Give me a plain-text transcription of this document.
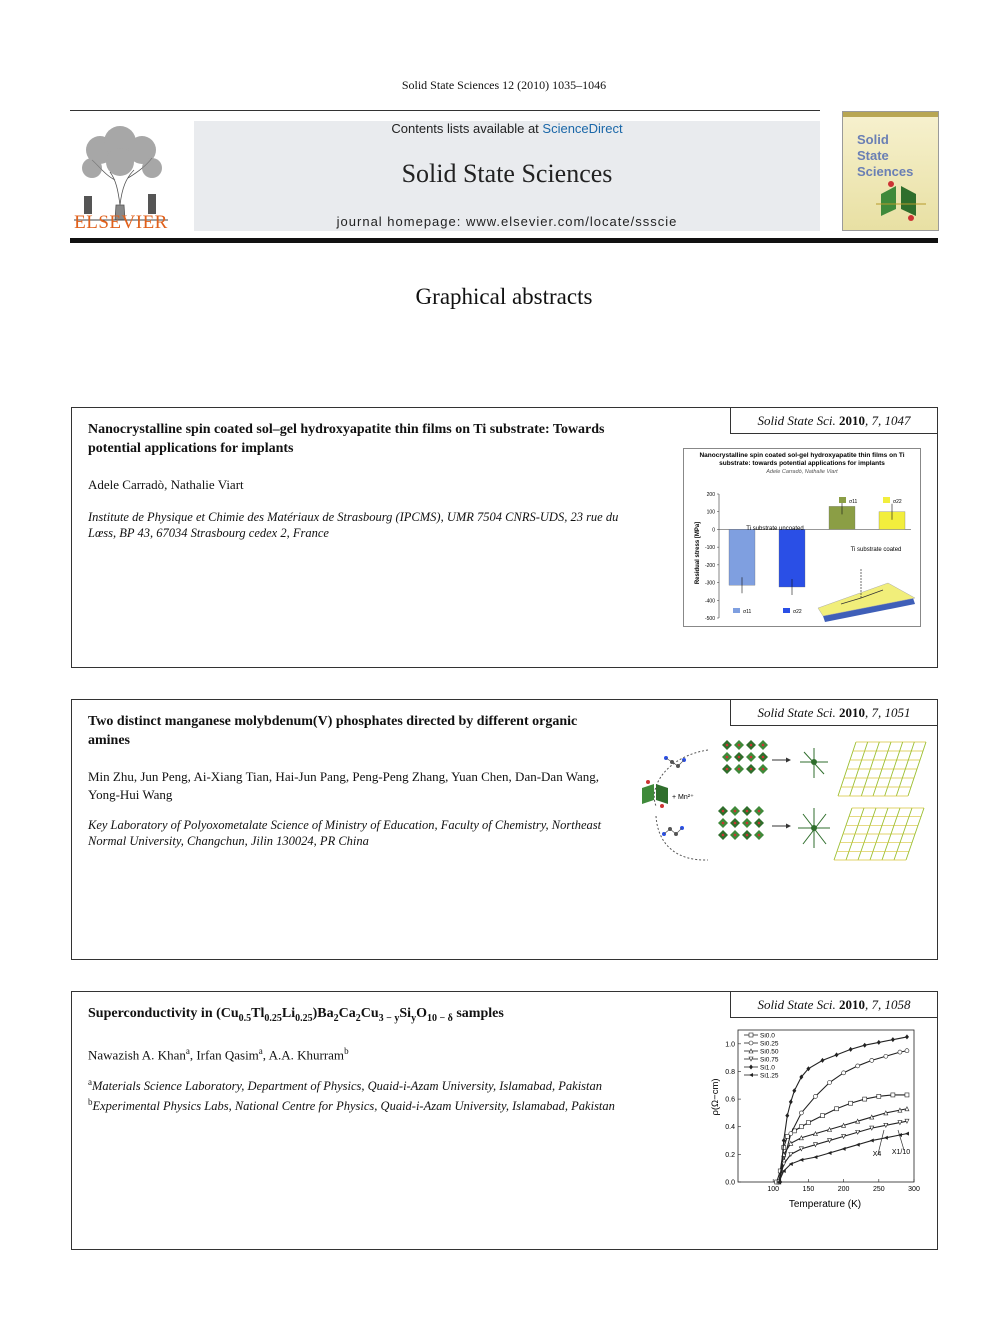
Solid State Sciences 12 (2010) 1035–1046
ELSEVIER
Contents lists available at ScienceDirect
Solid State Sciences
journal homepage: www.elsevier.com/locate/ssscie
Solid
State
Sciences
Graphical abstracts
Solid State Sci. 2010, 7, 1047
Nanocrystalline spin coated sol–gel hydroxyapatite thin films on Ti substrate: Towards potential applications for implants
Adele Carradò, Nathalie Viart
Institute de Physique et Chimie des Matériaux de Strasbourg (IPCMS), UMR 7504 CNRS-UDS, 23 rue du Lœss, BP 43, 67034 Strasbourg cedex 2, France
Nanocrystalline spin coated sol-gel hydroxyapatite thin films on Ti
substrate: towards potential applications for implants
Adele Carradò, Nathalie Viart
Residual stress [MPa]
200
100
0
-100
-200
-300
-400
-500
Ti substrate uncoated
Ti substrate coated
σ11	σ22
σ11	σ22
Solid State Sci. 2010, 7, 1051
Two distinct manganese molybdenum(V) phosphates directed by different organic amines
Min Zhu, Jun Peng, Ai-Xiang Tian, Hai-Jun Pang, Peng-Peng Zhang, Yuan Chen, Dan-Dan Wang, Yong-Hui Wang
Key Laboratory of Polyoxometalate Science of Ministry of Education, Faculty of Chemistry, Northeast Normal University, Changchun, Jilin 130024, PR China
+ Mn²⁺
Solid State Sci. 2010, 7, 1058
Superconductivity in $(Cu_{0.5}Tl_{0.25}Li_{0.25})Ba_2Ca_2Cu_{3 - y}Si_yO_{10 - \delta}$ samples
Nawazish A. Khan$^a$, Irfan Qasim$^a$, A.A. Khurram$^b$
$^a$Materials Science Laboratory, Department of Physics, Quaid-i-Azam University, Islamabad, Pakistan
$^b$Experimental Physics Labs, National Centre for Physics, Quaid-i-Azam University, Islamabad, Pakistan	ρ(Ω−cm)
Temperature (K)
100	150	200	250	300
0.0
0.2
0.4
0.6
0.8
1.0
Si0.0
Si0.25
Si0.50
Si0.75
Si1.0
Si1.25
X4 X1/10
